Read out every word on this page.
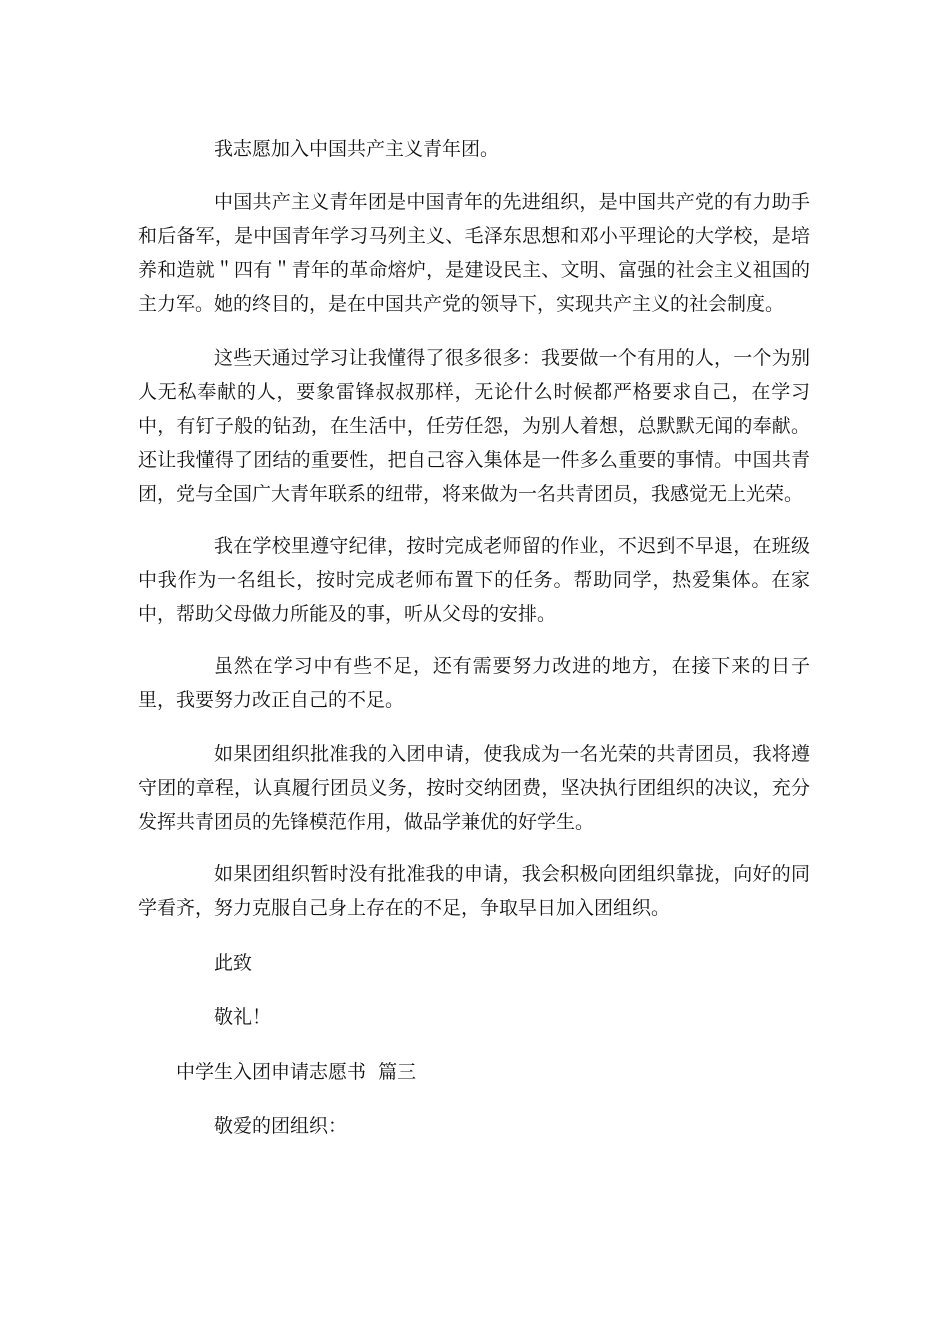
我志愿加入中国共产主义青年团。

中国共产主义青年团是中国青年的先进组织，是中国共产党的有力助手和后备军，是中国青年学习马列主义、毛泽东思想和邓小平理论的大学校，是培养和造就＂四有＂青年的革命熔炉，是建设民主、文明、富强的社会主义祖国的主力军。她的终目的，是在中国共产党的领导下，实现共产主义的社会制度。

这些天通过学习让我懂得了很多很多：我要做一个有用的人，一个为别人无私奉献的人，要象雷锋叔叔那样，无论什么时候都严格要求自己，在学习中，有钉子般的钻劲，在生活中，任劳任怨，为别人着想，总默默无闻的奉献。还让我懂得了团结的重要性，把自己容入集体是一件多么重要的事情。中国共青团，党与全国广大青年联系的纽带，将来做为一名共青团员，我感觉无上光荣。

我在学校里遵守纪律，按时完成老师留的作业，不迟到不早退，在班级中我作为一名组长，按时完成老师布置下的任务。帮助同学，热爱集体。在家中，帮助父母做力所能及的事，听从父母的安排。

虽然在学习中有些不足，还有需要努力改进的地方，在接下来的日子里，我要努力改正自己的不足。

如果团组织批准我的入团申请，使我成为一名光荣的共青团员，我将遵守团的章程，认真履行团员义务，按时交纳团费，坚决执行团组织的决议，充分发挥共青团员的先锋模范作用，做品学兼优的好学生。

如果团组织暂时没有批准我的申请，我会积极向团组织靠拢，向好的同学看齐，努力克服自己身上存在的不足，争取早日加入团组织。

此致

敬礼！

中学生入团申请志愿书  篇三

敬爱的团组织：
